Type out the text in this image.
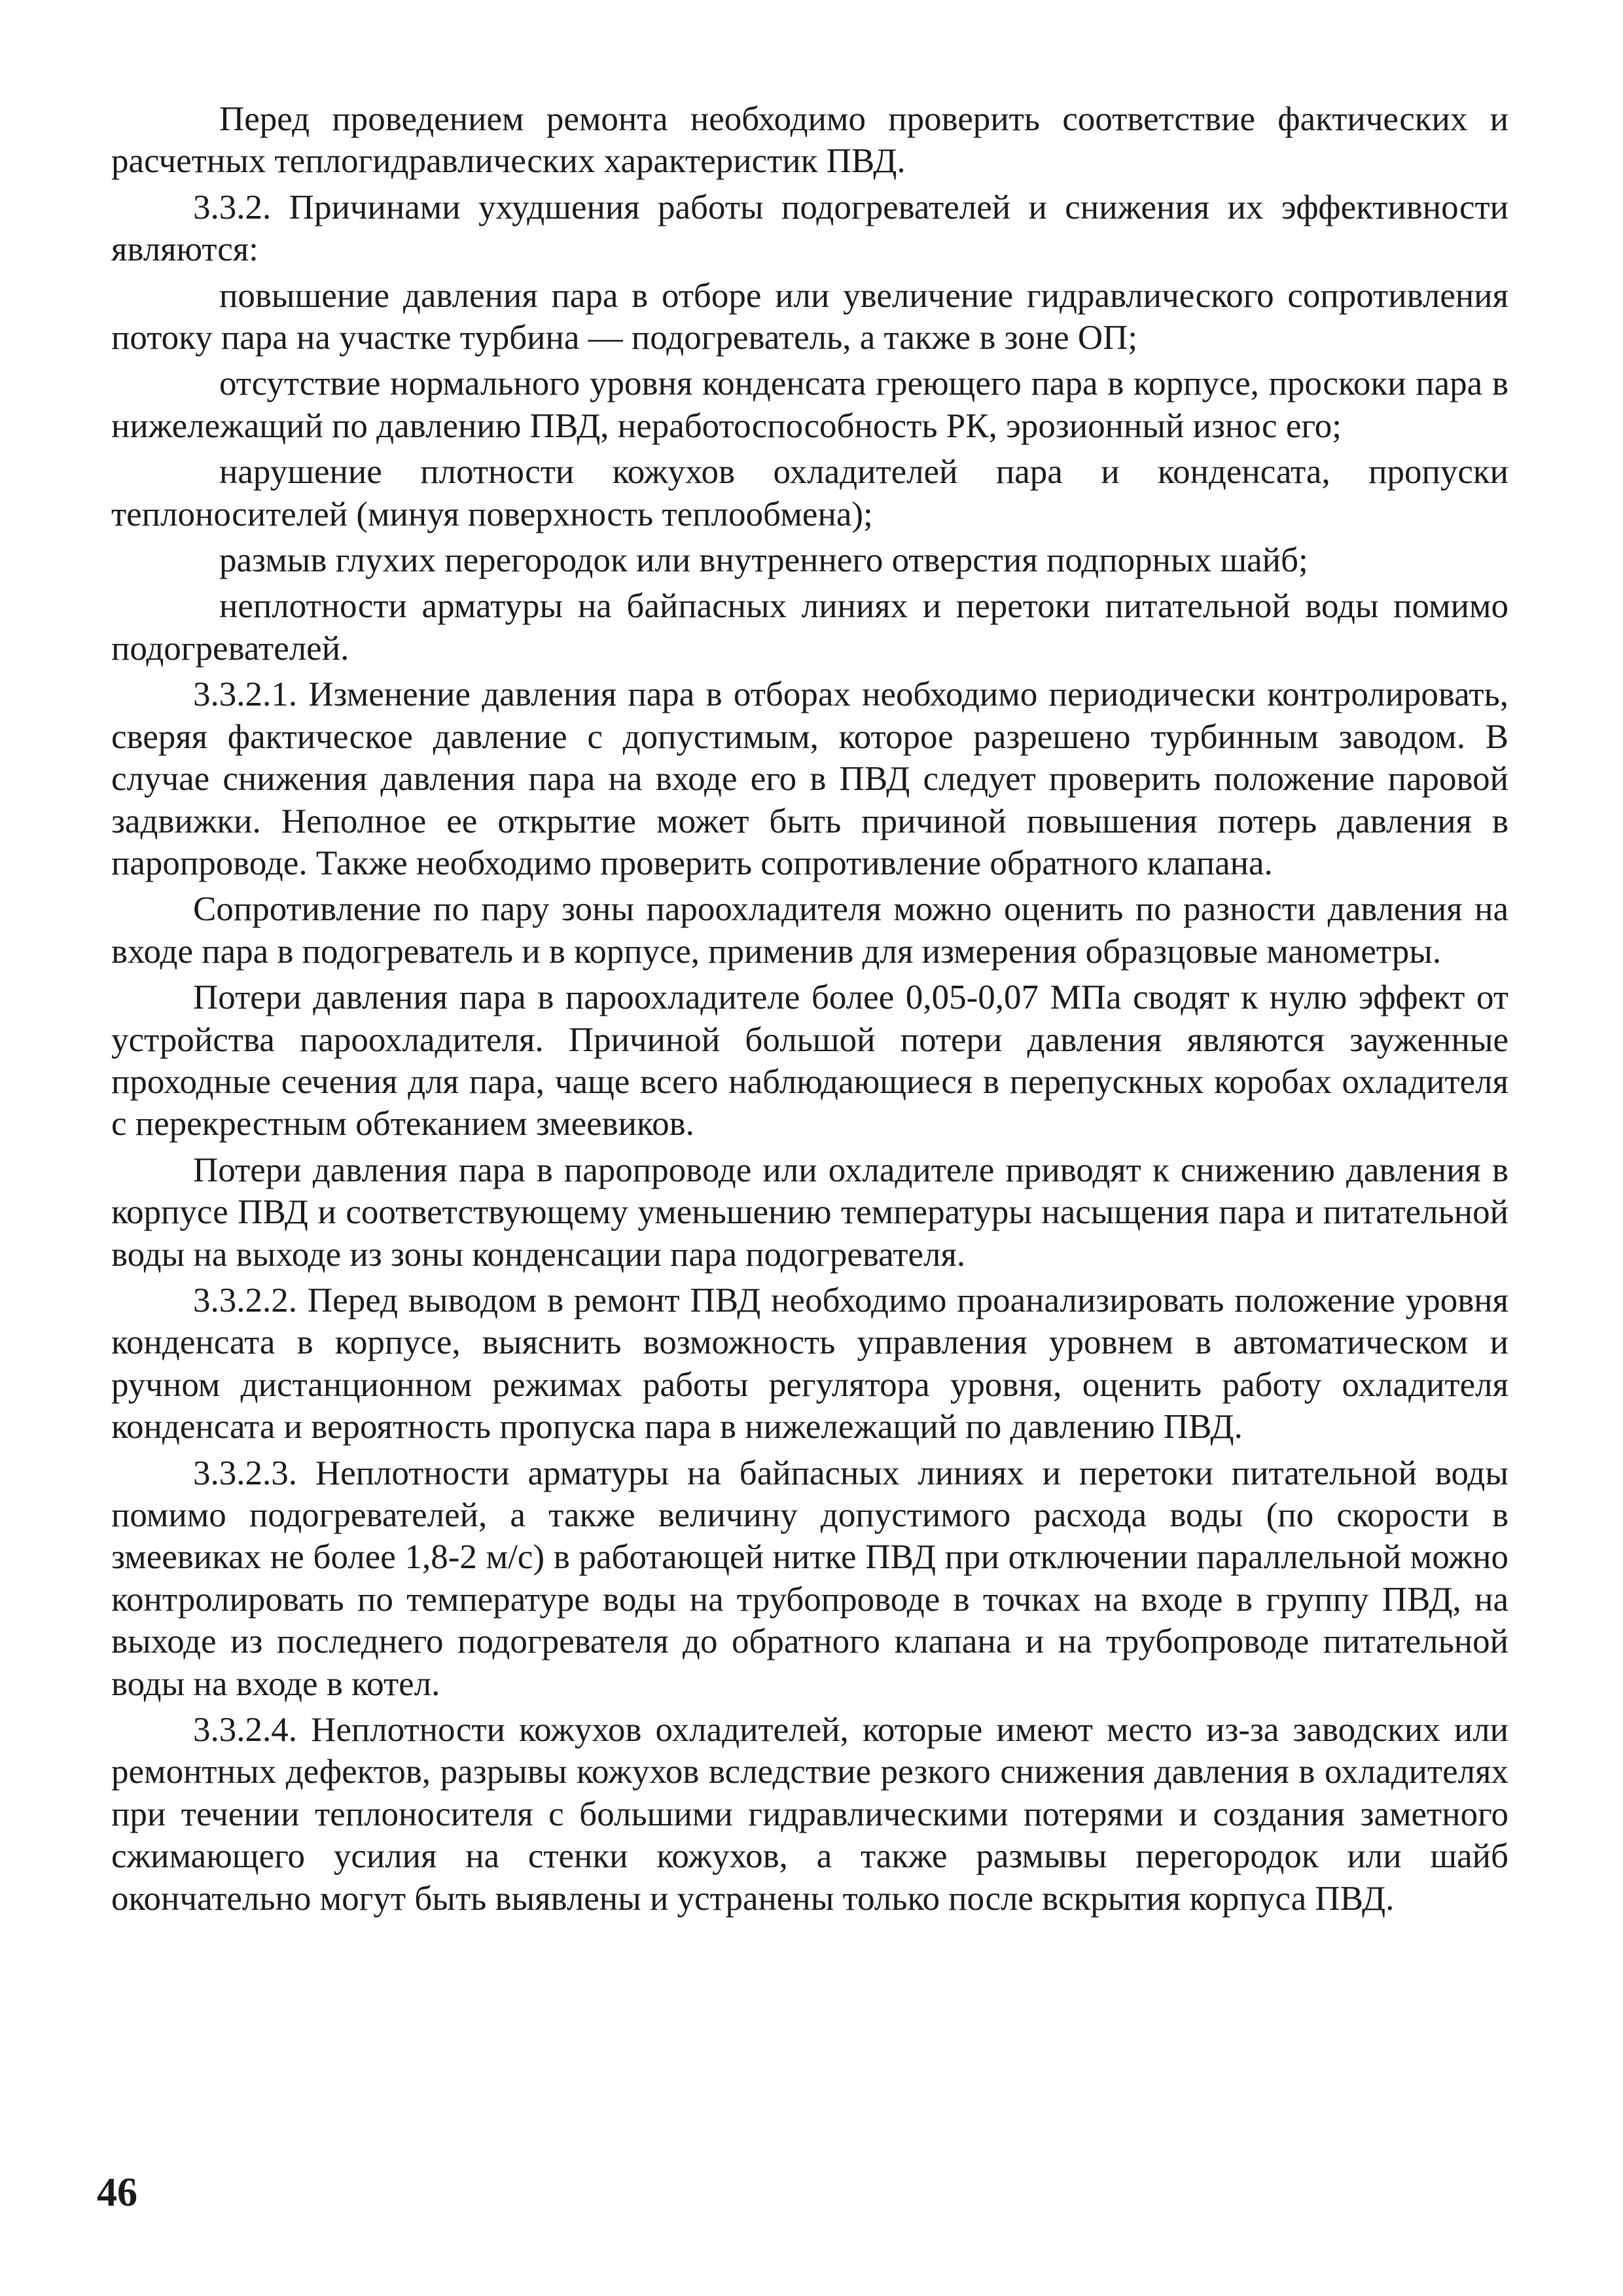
Перед проведением ремонта необходимо проверить соответствие фактических и расчетных теплогидравлических характеристик ПВД.

3.3.2. Причинами ухудшения работы подогревателей и снижения их эффективности являются:

повышение давления пара в отборе или увеличение гидравлического сопротивления потоку пара на участке турбина — подогреватель, а также в зоне ОП;

отсутствие нормального уровня конденсата греющего пара в корпусе, проскоки пара в нижележащий по давлению ПВД, неработоспособность РК, эрозионный износ его;

нарушение плотности кожухов охладителей пара и конденсата, пропуски теплоносителей (минуя поверхность теплообмена);

размыв глухих перегородок или внутреннего отверстия подпорных шайб;

неплотности арматуры на байпасных линиях и перетоки питательной воды помимо подогревателей.

3.3.2.1. Изменение давления пара в отборах необходимо периодически контролировать, сверяя фактическое давление с допустимым, которое разрешено турбинным заводом. В случае снижения давления пара на входе его в ПВД следует проверить положение паровой задвижки. Неполное ее открытие может быть причиной повышения потерь давления в паропроводе. Также необходимо проверить сопротивление обратного клапана.

Сопротивление по пару зоны пароохладителя можно оценить по разности давления на входе пара в подогреватель и в корпусе, применив для измерения образцовые манометры.

Потери давления пара в пароохладителе более 0,05-0,07 МПа сводят к нулю эффект от устройства пароохладителя. Причиной большой потери давления являются зауженные проходные сечения для пара, чаще всего наблюдающиеся в перепускных коробах охладителя с перекрестным обтеканием змеевиков.

Потери давления пара в паропроводе или охладителе приводят к снижению давления в корпусе ПВД и соответствующему уменьшению температуры насыщения пара и питательной воды на выходе из зоны конденсации пара подогревателя.

3.3.2.2. Перед выводом в ремонт ПВД необходимо проанализировать положение уровня конденсата в корпусе, выяснить возможность управления уровнем в автоматическом и ручном дистанционном режимах работы регулятора уровня, оценить работу охладителя конденсата и вероятность пропуска пара в нижележащий по давлению ПВД.

3.3.2.3. Неплотности арматуры на байпасных линиях и перетоки питательной воды помимо подогревателей, а также величину допустимого расхода воды (по скорости в змеевиках не более 1,8-2 м/с) в работающей нитке ПВД при отключении параллельной можно контролировать по температуре воды на трубопроводе в точках на входе в группу ПВД, на выходе из последнего подогревателя до обратного клапана и на трубопроводе питательной воды на входе в котел.

3.3.2.4. Неплотности кожухов охладителей, которые имеют место из-за заводских или ремонтных дефектов, разрывы кожухов вследствие резкого снижения давления в охладителях при течении теплоносителя с большими гидравлическими потерями и создания заметного сжимающего усилия на стенки кожухов, а также размывы перегородок или шайб окончательно могут быть выявлены и устранены только после вскрытия корпуса ПВД.

46
